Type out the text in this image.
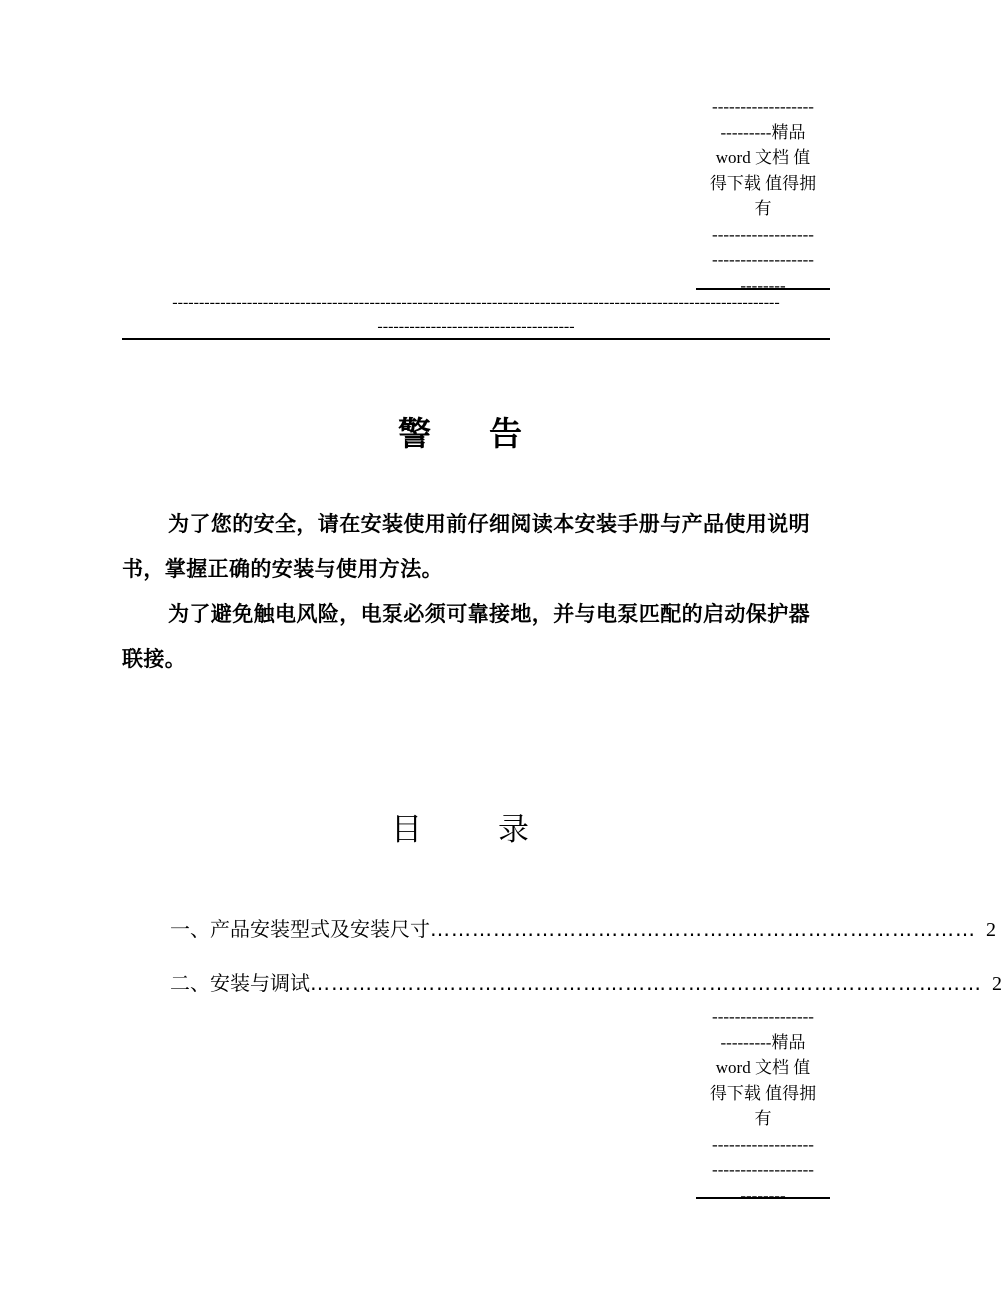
------------------
---------精品
word 文档 值
得下载 值得拥
有
------------------
------------------
--------
------------------------------------------------------------------------------------------------------------------
-------------------------------------
警告
为了您的安全，请在安装使用前仔细阅读本安装手册与产品使用说明书，掌握正确的安装与使用方法。
为了避免触电风险，电泵必须可靠接地，并与电泵匹配的启动保护器联接。
目录
一、产品安装型式及安装尺寸 …………………………………………………………………… 2
二、安装与调试 …………………………………………………………………………………… 2
------------------
---------精品
word 文档 值
得下载 值得拥
有
------------------
------------------
--------
